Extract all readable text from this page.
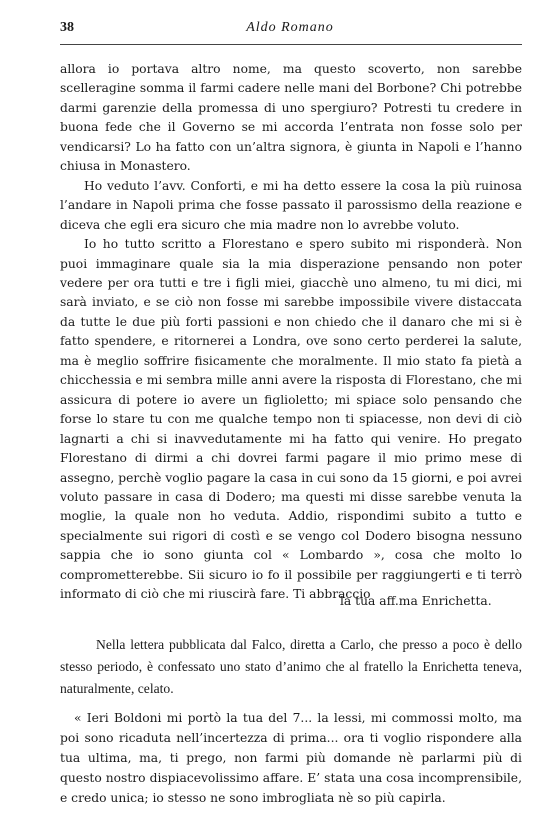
38	Aldo Romano

allora io portava altro nome, ma questo scoverto, non sarebbe scelleragine somma il farmi cadere nelle mani del Borbone? Chi potrebbe darmi garenzie della promessa di uno spergiuro? Potresti tu credere in buona fede che il Governo se mi accorda l’entrata non fosse solo per vendicarsi? Lo ha fatto con un’altra signora, è giunta in Napoli e l’hanno chiusa in Monastero.

Ho veduto l’avv. Conforti, e mi ha detto essere la cosa la più ruinosa l’andare in Napoli prima che fosse passato il parossismo della reazione e diceva che egli era sicuro che mia madre non lo avrebbe voluto.

Io ho tutto scritto a Florestano e spero subito mi risponderà. Non puoi immaginare quale sia la mia disperazione pensando non poter vedere per ora tutti e tre i figli miei, giacchè uno almeno, tu mi dici, mi sarà inviato, e se ciò non fosse mi sarebbe impossibile vivere distaccata da tutte le due più forti passioni e non chiedo che il danaro che mi si è fatto spendere, e ritornerei a Londra, ove sono certo perderei la salute, ma è meglio soffrire fisicamente che moralmente. Il mio stato fa pietà a chicchessia e mi sembra mille anni avere la risposta di Florestano, che mi assicura di potere io avere un figlioletto; mi spiace solo pensando che forse lo stare tu con me qualche tempo non ti spiacesse, non devi di ciò lagnarti a chi si inavvedutamente mi ha fatto qui venire. Ho pregato Florestano di dirmi a chi dovrei farmi pagare il mio primo mese di assegno, perchè voglio pagare la casa in cui sono da 15 giorni, e poi avrei voluto passare in casa di Dodero; ma questi mi disse sarebbe venuta la moglie, la quale non ho veduta. Addio, rispondimi subito a tutto e specialmente sui rigori di costì e se vengo col Dodero bisogna nessuno sappia che io sono giunta col « Lombardo », cosa che molto lo comprometterebbe. Sii sicuro io fo il possibile per raggiungerti e ti terrò informato di ciò che mi riuscirà fare. Ti abbraccio

la tua aff.ma Enrichetta.

Nella lettera pubblicata dal Falco, diretta a Carlo, che presso a poco è dello stesso periodo, è confessato uno stato d’animo che al fratello la Enrichetta teneva, naturalmente, celato.

« Ieri Boldoni mi portò la tua del 7... la lessi, mi commossi molto, ma poi sono ricaduta nell’incertezza di prima... ora ti voglio rispondere alla tua ultima, ma, ti prego, non farmi più domande nè parlarmi più di questo nostro dispiacevolissimo affare. E’ stata una cosa incomprensibile, e credo unica; io stesso ne sono imbrogliata nè so più capirla.
